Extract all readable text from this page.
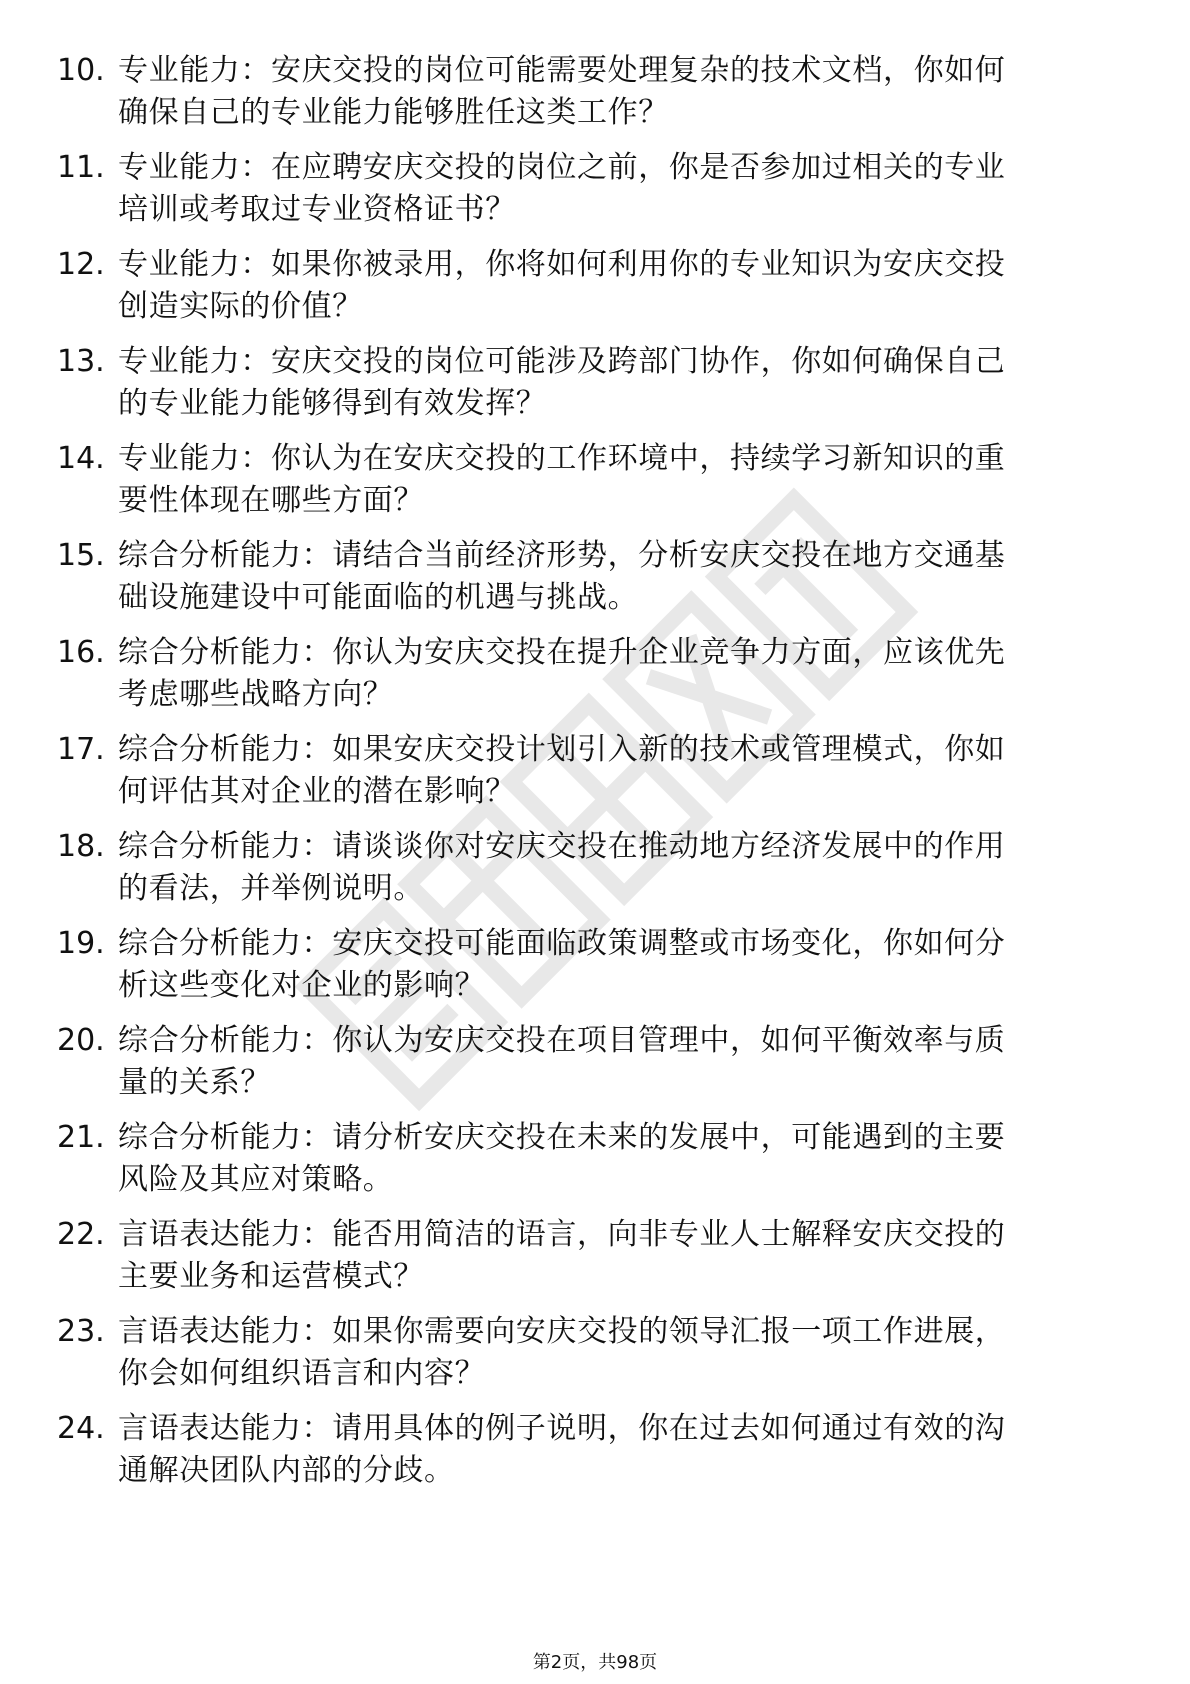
10. 专业能力：安庆交投的岗位可能需要处理复杂的技术文档，你如何确保自己的专业能力能够胜任这类工作？
11. 专业能力：在应聘安庆交投的岗位之前，你是否参加过相关的专业培训或考取过专业资格证书？
12. 专业能力：如果你被录用，你将如何利用你的专业知识为安庆交投创造实际的价值？
13. 专业能力：安庆交投的岗位可能涉及跨部门协作，你如何确保自己的专业能力能够得到有效发挥？
14. 专业能力：你认为在安庆交投的工作环境中，持续学习新知识的重要性体现在哪些方面？
15. 综合分析能力：请结合当前经济形势，分析安庆交投在地方交通基础设施建设中可能面临的机遇与挑战。
16. 综合分析能力：你认为安庆交投在提升企业竞争力方面，应该优先考虑哪些战略方向？
17. 综合分析能力：如果安庆交投计划引入新的技术或管理模式，你如何评估其对企业的潜在影响？
18. 综合分析能力：请谈谈你对安庆交投在推动地方经济发展中的作用的看法，并举例说明。
19. 综合分析能力：安庆交投可能面临政策调整或市场变化，你如何分析这些变化对企业的影响？
20. 综合分析能力：你认为安庆交投在项目管理中，如何平衡效率与质量的关系？
21. 综合分析能力：请分析安庆交投在未来的发展中，可能遇到的主要风险及其应对策略。
22. 言语表达能力：能否用简洁的语言，向非专业人士解释安庆交投的主要业务和运营模式？
23. 言语表达能力：如果你需要向安庆交投的领导汇报一项工作进展，你会如何组织语言和内容？
24. 言语表达能力：请用具体的例子说明，你在过去如何通过有效的沟通解决团队内部的分歧。
第2页，共98页
